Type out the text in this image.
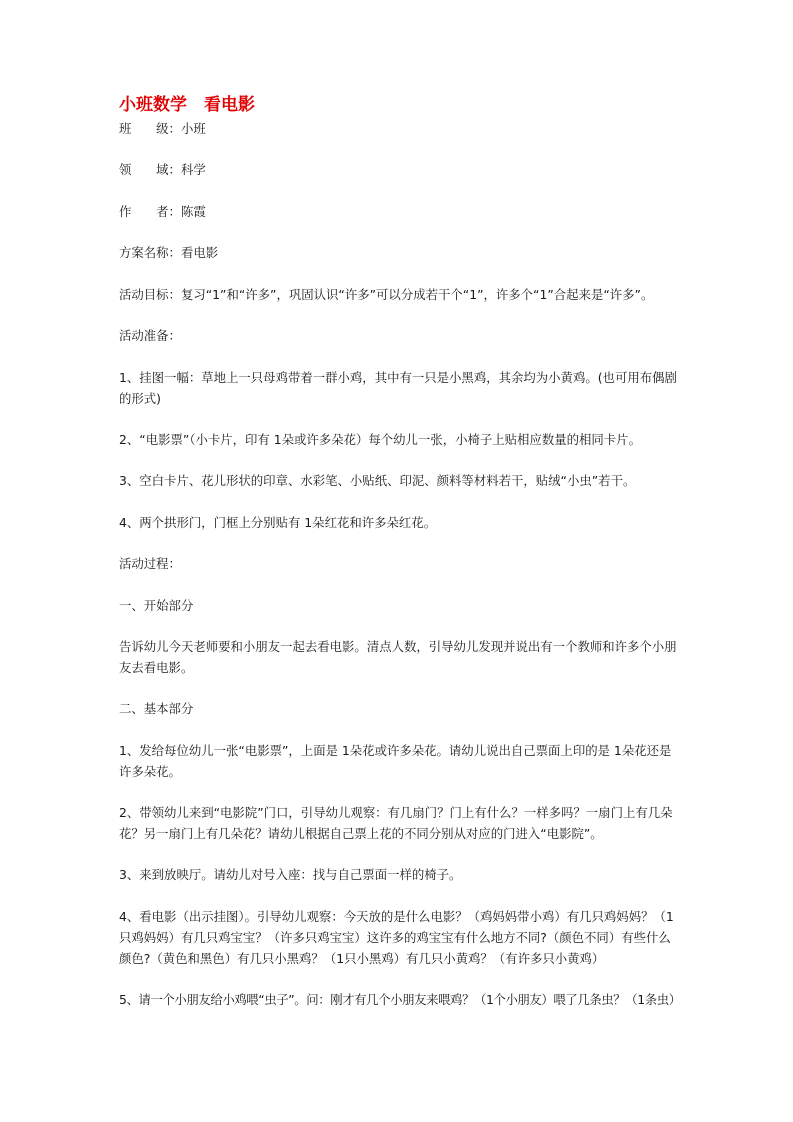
小班数学　看电影

班　　级：小班

领　　域：科学

作　　者：陈霞

方案名称：看电影

活动目标：复习“1”和“许多”，巩固认识“许多”可以分成若干个“1”，许多个“1”合起来是“许多”。

活动准备：

1、挂图一幅：草地上一只母鸡带着一群小鸡，其中有一只是小黑鸡，其余均为小黄鸡。(也可用布偶剧的形式)

2、“电影票”（小卡片，印有 1朵或许多朵花）每个幼儿一张，小椅子上贴相应数量的相同卡片。

3、空白卡片、花儿形状的印章、水彩笔、小贴纸、印泥、颜料等材料若干，贴绒“小虫”若干。

4、两个拱形门，门框上分别贴有 1朵红花和许多朵红花。

活动过程：

一、开始部分

告诉幼儿今天老师要和小朋友一起去看电影。清点人数，引导幼儿发现并说出有一个教师和许多个小朋友去看电影。

二、基本部分

1、发给每位幼儿一张“电影票”，上面是 1朵花或许多朵花。请幼儿说出自己票面上印的是 1朵花还是许多朵花。

2、带领幼儿来到“电影院”门口，引导幼儿观察：有几扇门？门上有什么？一样多吗？一扇门上有几朵花？另一扇门上有几朵花？请幼儿根据自己票上花的不同分别从对应的门进入“电影院”。

3、来到放映厅。请幼儿对号入座：找与自己票面一样的椅子。

4、看电影（出示挂图）。引导幼儿观察：今天放的是什么电影？（鸡妈妈带小鸡）有几只鸡妈妈？（1只鸡妈妈）有几只鸡宝宝？（许多只鸡宝宝）这许多的鸡宝宝有什么地方不同?（颜色不同）有些什么颜色?（黄色和黑色）有几只小黑鸡？（1只小黑鸡）有几只小黄鸡？（有许多只小黄鸡）

5、请一个小朋友给小鸡喂“虫子”。问：刚才有几个小朋友来喂鸡？（1个小朋友）喂了几条虫？（1条虫）
